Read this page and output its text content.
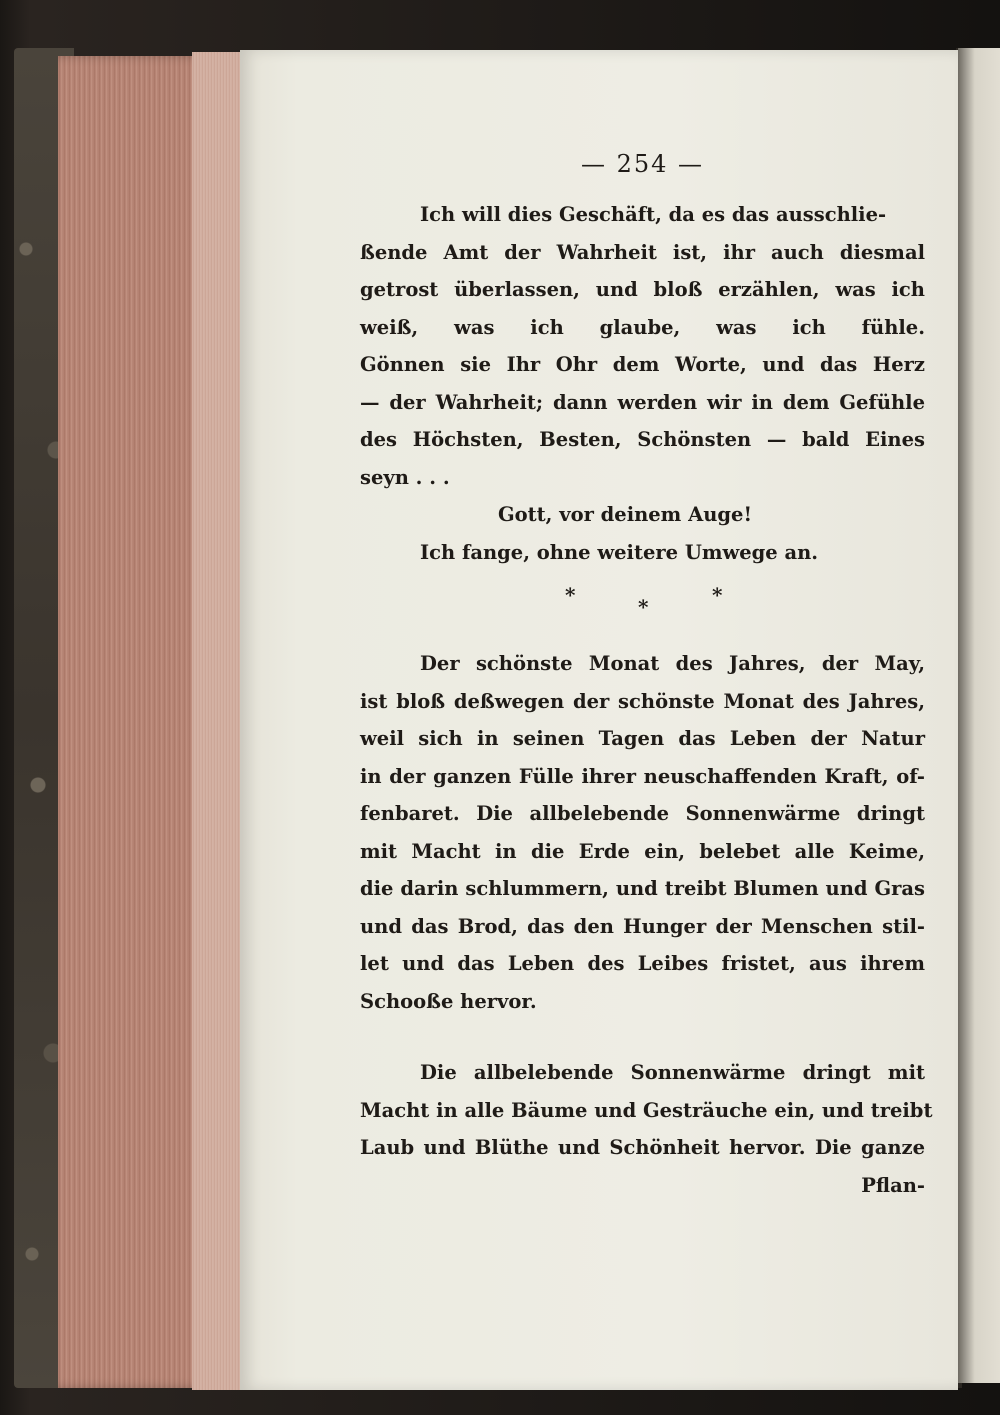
— 254 —
Ich will dies Geschäft, da es das ausschlie-
ßende Amt der Wahrheit ist, ihr auch diesmal
getrost überlassen, und bloß erzählen, was ich
weiß, was ich glaube, was ich fühle.
Gönnen sie Ihr Ohr dem Worte, und das Herz
— der Wahrheit; dann werden wir in dem Gefühle
des Höchsten, Besten, Schönsten — bald Eines
seyn . . .
Gott, vor deinem Auge!
Ich fange, ohne weitere Umwege an.
*	*	*
Der schönste Monat des Jahres, der May,
ist bloß deßwegen der schönste Monat des Jahres,
weil sich in seinen Tagen das Leben der Natur
in der ganzen Fülle ihrer neuschaffenden Kraft, of-
fenbaret. Die allbelebende Sonnenwärme dringt
mit Macht in die Erde ein, belebet alle Keime,
die darin schlummern, und treibt Blumen und Gras
und das Brod, das den Hunger der Menschen stil-
let und das Leben des Leibes fristet, aus ihrem
Schooße hervor.
Die allbelebende Sonnenwärme dringt mit
Macht in alle Bäume und Gesträuche ein, und treibt
Laub und Blüthe und Schönheit hervor. Die ganze
Pflan-
